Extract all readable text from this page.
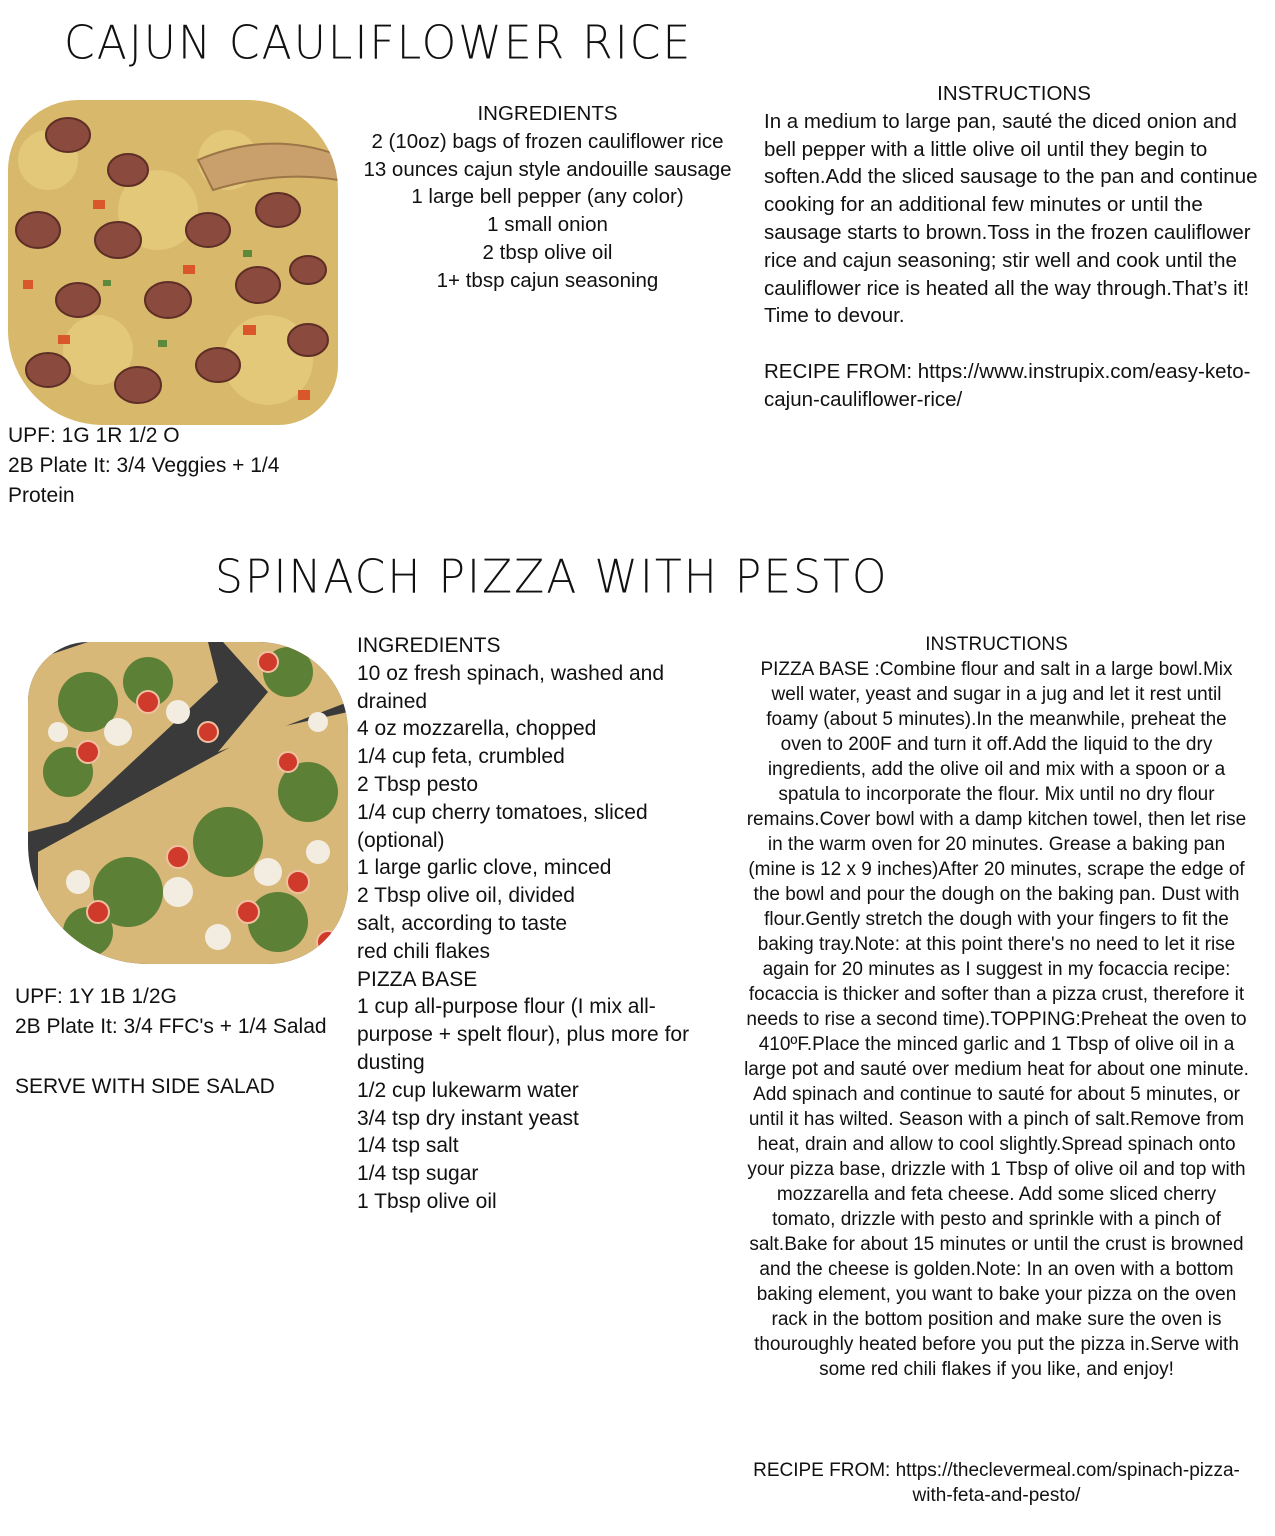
CAJUN CAULIFLOWER RICE
INGREDIENTS
2 (10oz) bags of frozen cauliflower rice
13 ounces cajun style andouille sausage
1 large bell pepper (any color)
1 small onion
2 tbsp olive oil
1+ tbsp cajun seasoning
INSTRUCTIONS
In a medium to large pan, sauté the diced onion and bell pepper with a little olive oil until they begin to soften.Add the sliced sausage to the pan and continue cooking for an additional few minutes or until the sausage starts to brown.Toss in the frozen cauliflower rice and cajun seasoning; stir well and cook until the cauliflower rice is heated all the way through.That’s it! Time to devour.
RECIPE FROM: https://www.instrupix.com/easy-keto-cajun-cauliflower-rice/
UPF: 1G 1R 1/2 O
2B Plate It: 3/4 Veggies + 1/4 Protein
SPINACH PIZZA WITH PESTO
INGREDIENTS
10 oz fresh spinach, washed and drained
4 oz mozzarella, chopped
1/4 cup feta, crumbled
2 Tbsp pesto
1/4 cup cherry tomatoes, sliced (optional)
1 large garlic clove, minced
2 Tbsp olive oil, divided
salt, according to taste
red chili flakes
PIZZA BASE
1 cup all-purpose flour (I mix all-purpose + spelt flour), plus more for dusting
1/2 cup lukewarm water
3/4 tsp dry instant yeast
1/4 tsp salt
1/4 tsp sugar
1 Tbsp olive oil
UPF: 1Y 1B 1/2G
2B Plate It: 3/4 FFC's + 1/4 Salad
SERVE WITH SIDE SALAD
INSTRUCTIONS
PIZZA BASE :Combine flour and salt in a large bowl.Mix well water, yeast and sugar in a jug and let it rest until foamy (about 5 minutes).In the meanwhile, preheat the oven to 200F and turn it off.Add the liquid to the dry ingredients, add the olive oil and mix with a spoon or a spatula to incorporate the flour. Mix until no dry flour remains.Cover bowl with a damp kitchen towel, then let rise in the warm oven for 20 minutes. Grease a baking pan (mine is 12 x 9 inches)After 20 minutes, scrape the edge of the bowl and pour the dough on the baking pan. Dust with flour.Gently stretch the dough with your fingers to fit the baking tray.Note: at this point there's no need to let it rise again for 20 minutes as I suggest in my focaccia recipe: focaccia is thicker and softer than a pizza crust, therefore it needs to rise a second time).TOPPING:Preheat the oven to 410ºF.Place the minced garlic and 1 Tbsp of olive oil in a large pot and sauté over medium heat for about one minute. Add spinach and continue to sauté for about 5 minutes, or until it has wilted. Season with a pinch of salt.Remove from heat, drain and allow to cool slightly.Spread spinach onto your pizza base, drizzle with 1 Tbsp of olive oil and top with mozzarella and feta cheese. Add some sliced cherry tomato, drizzle with pesto and sprinkle with a pinch of salt.Bake for about 15 minutes or until the crust is browned and the cheese is golden.Note: In an oven with a bottom baking element, you want to bake your pizza on the oven rack in the bottom position and make sure the oven is thouroughly heated before you put the pizza in.Serve with some red chili flakes if you like, and enjoy!
RECIPE FROM: https://theclevermeal.com/spinach-pizza-with-feta-and-pesto/
